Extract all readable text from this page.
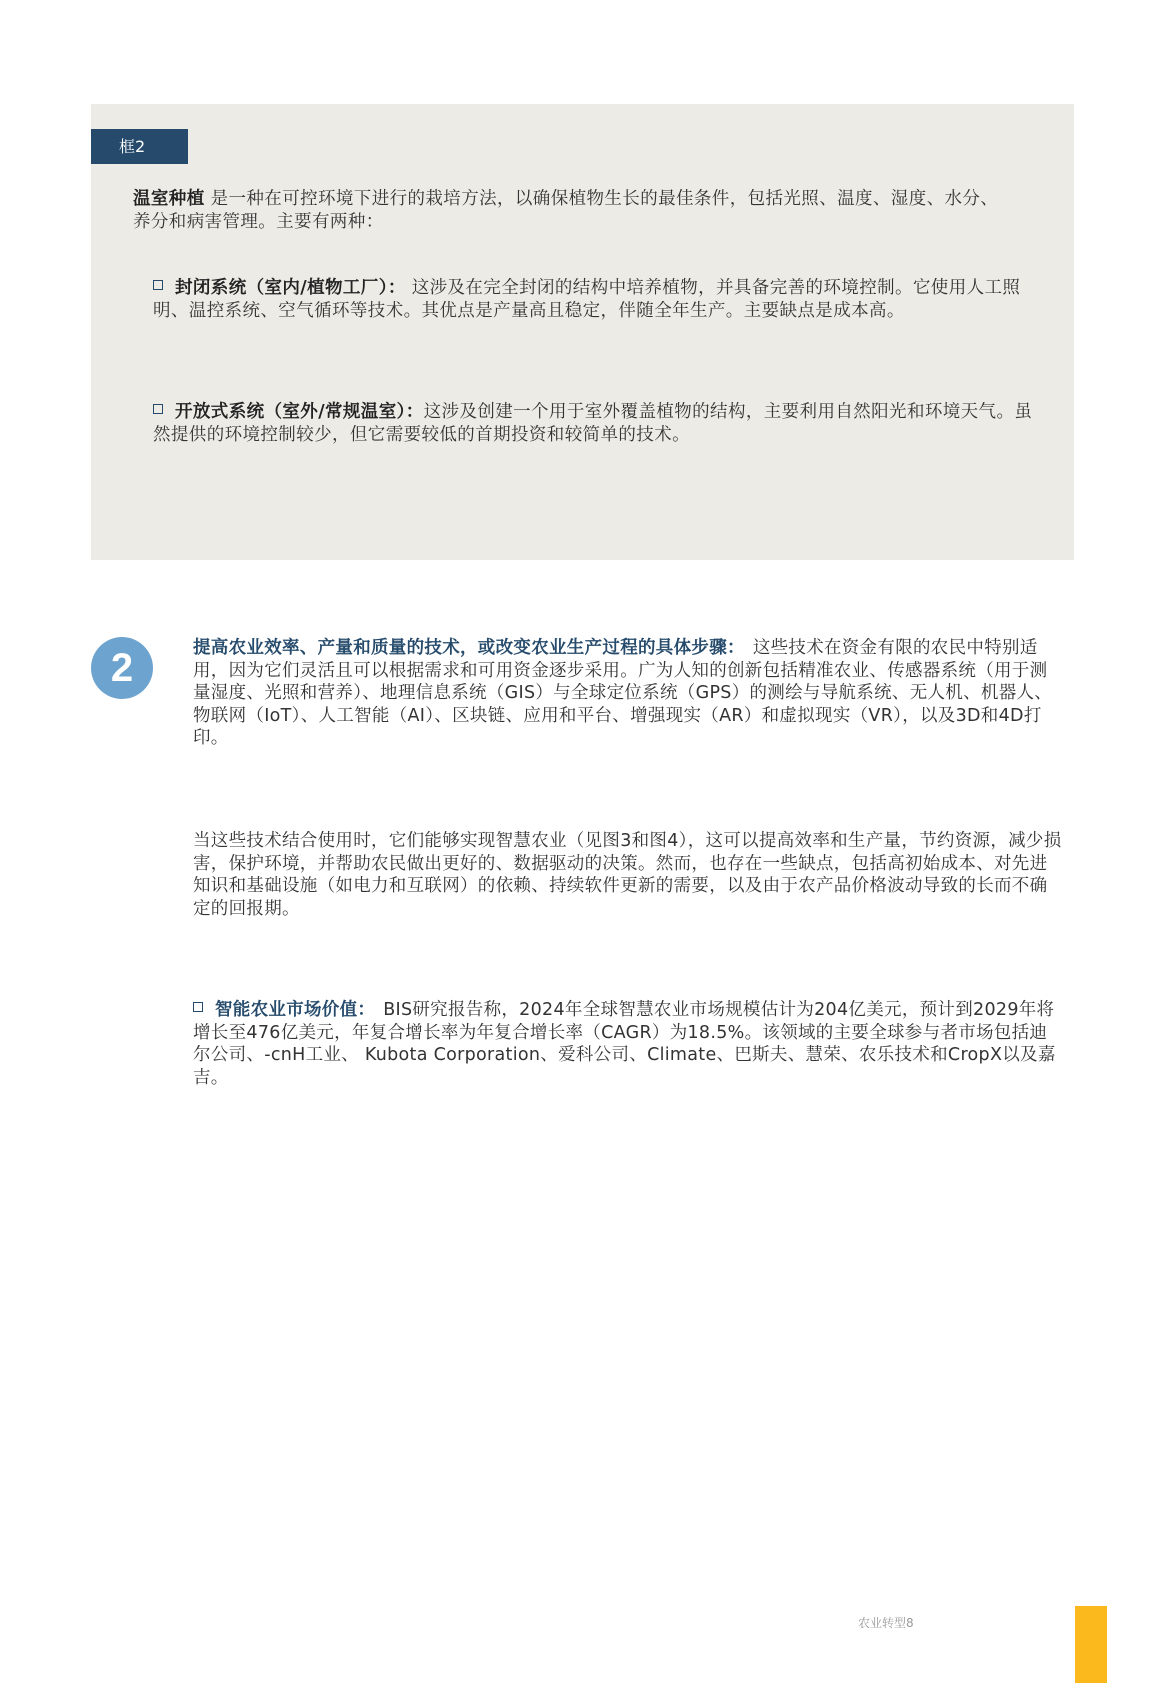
框2
温室种植 是一种在可控环境下进行的栽培方法，以确保植物生长的最佳条件，包括光照、温度、湿度、水分、养分和病害管理。主要有两种：
封闭系统（室内/植物工厂）： 这涉及在完全封闭的结构中培养植物，并具备完善的环境控制。它使用人工照明、温控系统、空气循环等技术。其优点是产量高且稳定，伴随全年生产。主要缺点是成本高。
开放式系统（室外/常规温室）：这涉及创建一个用于室外覆盖植物的结构，主要利用自然阳光和环境天气。虽然提供的环境控制较少，但它需要较低的首期投资和较简单的技术。
2	提高农业效率、产量和质量的技术，或改变农业生产过程的具体步骤： 这些技术在资金有限的农民中特别适用，因为它们灵活且可以根据需求和可用资金逐步采用。广为人知的创新包括精准农业、传感器系统（用于测量湿度、光照和营养）、地理信息系统（GIS）与全球定位系统（GPS）的测绘与导航系统、无人机、机器人、物联网（IoT）、人工智能（AI）、区块链、应用和平台、增强现实（AR）和虚拟现实（VR），以及3D和4D打印。
当这些技术结合使用时，它们能够实现智慧农业（见图3和图4），这可以提高效率和生产量，节约资源，减少损害，保护环境，并帮助农民做出更好的、数据驱动的决策。然而，也存在一些缺点，包括高初始成本、对先进知识和基础设施（如电力和互联网）的依赖、持续软件更新的需要，以及由于农产品价格波动导致的长而不确定的回报期。
智能农业市场价值： BIS研究报告称，2024年全球智慧农业市场规模估计为204亿美元，预计到2029年将增长至476亿美元，年复合增长率为年复合增长率（CAGR）为18.5%。该领域的主要全球参与者市场包括迪尔公司、-cnH工业、 Kubota Corporation、爱科公司、Climate、巴斯夫、慧荣、农乐技术和CropX以及嘉吉。
农业转型8
